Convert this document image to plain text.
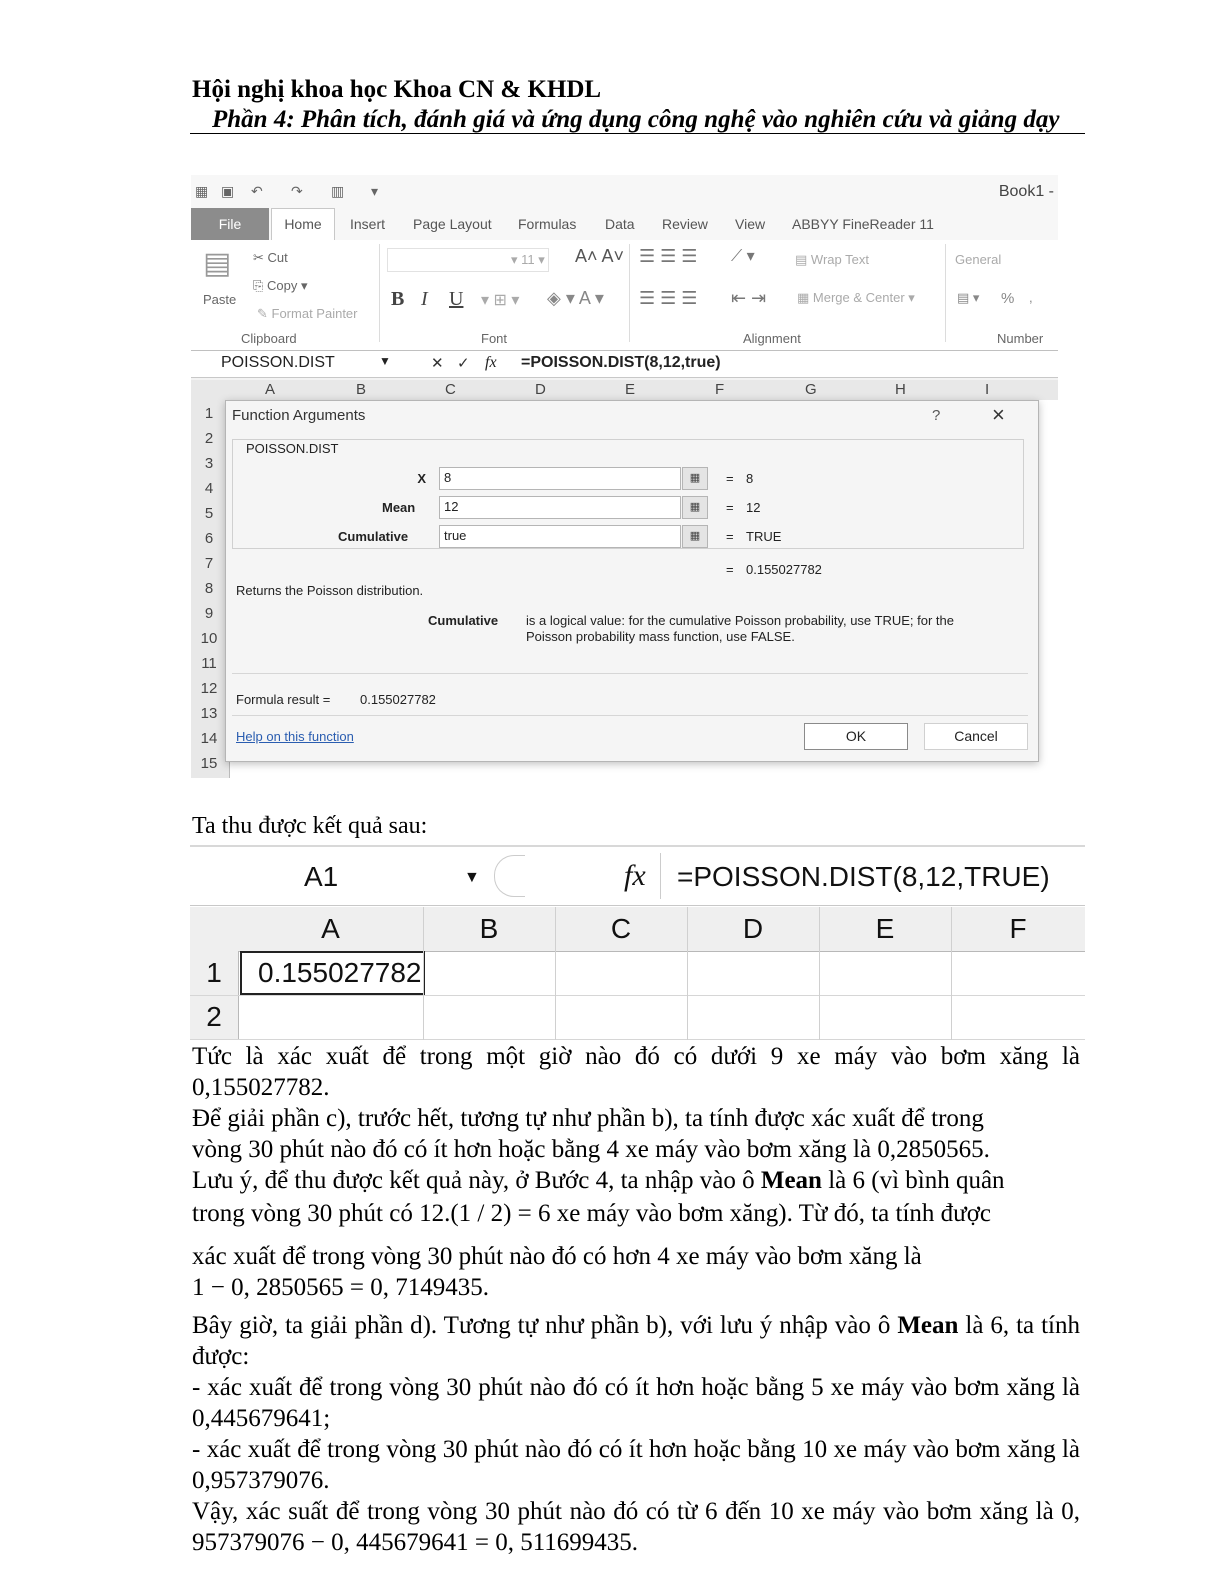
Hội nghị khoa học Khoa CN & KHDL
Phần 4: Phân tích, đánh giá và ứng dụng công nghệ vào nghiên cứu và giảng dạy
▦ ▣ ↶ ↷ ▥ ▾	Book1 -
File	Home	Insert Page Layout Formulas Data Review View ABBYY FineReader 11
▤
Paste
✂ Cut
⎘ Copy ▾
✎ Format Painter
Clipboard
▾ 11 ▾ A˄ A˅
B I U ▾ ⊞ ▾ ◈ ▾ A ▾
Font
☰ ☰ ☰ ⟋ ▾
☰ ☰ ☰ ⇤ ⇥
▤ Wrap Text
▦ Merge & Center ▾
Alignment
General
▤ ▾ % ,
Number
POISSON.DIST	▼	✕ ✓ fx =POISSON.DIST(8,12,true)
A	B	C	D	E	F	G	H	I
1
2
3
4
5
6
7
8
9
10
11
12
13
14
15
Function Arguments	? ×
POISSON.DIST
X 8	▦	= 8
Mean 12	▦	= 12
Cumulative	true	▦	= TRUE
= 0.155027782
Returns the Poisson distribution.
Cumulative is a logical value: for the cumulative Poisson probability, use TRUE; for the
Poisson probability mass function, use FALSE.
Formula result = 0.155027782
Help on this function	OK	Cancel
Ta thu được kết quả sau:
A1	▼	fx =POISSON.DIST(8,12,TRUE)
A	B	C	D	E	F
1	0.155027782
2
Tức là xác xuất để trong một giờ nào đó có dưới 9 xe máy vào bơm xăng là 0,155027782.
Để giải phần c), trước hết, tương tự như phần b), ta tính được xác xuất để trong
vòng 30 phút nào đó có ít hơn hoặc bằng 4 xe máy vào bơm xăng là 0,2850565.
Lưu ý, để thu được kết quả này, ở Bước 4, ta nhập vào ô Mean là 6 (vì bình quân
trong vòng 30 phút có 12.(1 / 2) = 6 xe máy vào bơm xăng). Từ đó, ta tính được
xác xuất để trong vòng 30 phút nào đó có hơn 4 xe máy vào bơm xăng là
1 − 0, 2850565 = 0, 7149435.
Bây giờ, ta giải phần d). Tương tự như phần b), với lưu ý nhập vào ô Mean là 6, ta tính được:
- xác xuất để trong vòng 30 phút nào đó có ít hơn hoặc bằng 5 xe máy vào bơm xăng là 0,445679641;
- xác xuất để trong vòng 30 phút nào đó có ít hơn hoặc bằng 10 xe máy vào bơm xăng là 0,957379076.
Vậy, xác suất để trong vòng 30 phút nào đó có từ 6 đến 10 xe máy vào bơm xăng là 0, 957379076 − 0, 445679641 = 0, 511699435.
